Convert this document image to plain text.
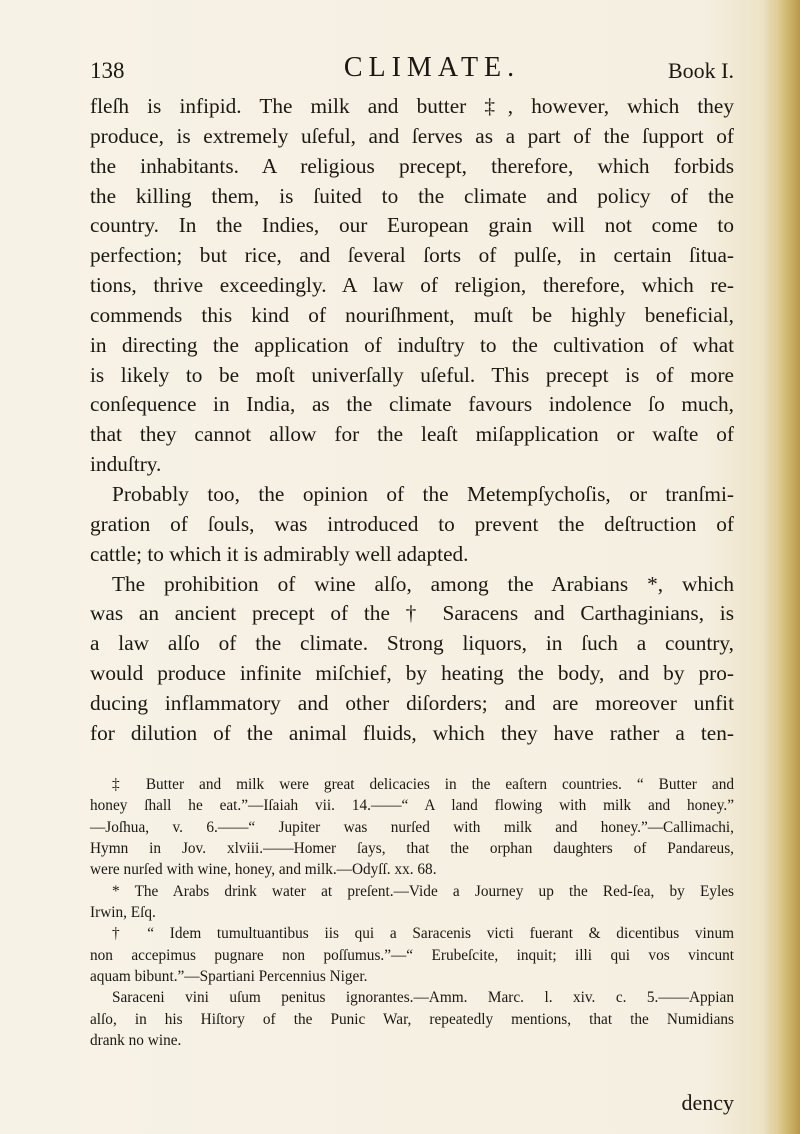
138	CLIMATE.	Book I.
fleſh is infipid. The milk and butter ‡, however, which they
produce, is extremely uſeful, and ſerves as a part of the ſupport of
the inhabitants. A religious precept, therefore, which forbids
the killing them, is ſuited to the climate and policy of the
country. In the Indies, our European grain will not come to
perfection; but rice, and ſeveral ſorts of pulſe, in certain ſitua-
tions, thrive exceedingly. A law of religion, therefore, which re-
commends this kind of nouriſhment, muſt be highly beneficial,
in directing the application of induſtry to the cultivation of what
is likely to be moſt univerſally uſeful. This precept is of more
conſequence in India, as the climate favours indolence ſo much,
that they cannot allow for the leaſt miſapplication or waſte of
induſtry.
Probably too, the opinion of the Metempſychoſis, or tranſmi-
gration of ſouls, was introduced to prevent the deſtruction of
cattle; to which it is admirably well adapted.
The prohibition of wine alſo, among the Arabians *, which
was an ancient precept of the † Saracens and Carthaginians, is
a law alſo of the climate. Strong liquors, in ſuch a country,
would produce infinite miſchief, by heating the body, and by pro-
ducing inflammatory and other diſorders; and are moreover unfit
for dilution of the animal fluids, which they have rather a ten-
‡ Butter and milk were great delicacies in the eaſtern countries. “ Butter and
honey ſhall he eat.”—Iſaiah vii. 14.——“ A land flowing with milk and honey.”
—Joſhua, v. 6.——“ Jupiter was nurſed with milk and honey.”—Callimachi,
Hymn in Jov. xlviii.——Homer ſays, that the orphan daughters of Pandareus,
were nurſed with wine, honey, and milk.—Odyſſ. xx. 68.
* The Arabs drink water at preſent.—Vide a Journey up the Red-ſea, by Eyles
Irwin, Eſq.
† “ Idem tumultuantibus iis qui a Saracenis victi fuerant & dicentibus vinum
non accepimus pugnare non poſſumus.”—“ Erubeſcite, inquit; illi qui vos vincunt
aquam bibunt.”—Spartiani Percennius Niger.
Saraceni vini uſum penitus ignorantes.—Amm. Marc. l. xiv. c. 5.——Appian
alſo, in his Hiſtory of the Punic War, repeatedly mentions, that the Numidians
drank no wine.
dency
